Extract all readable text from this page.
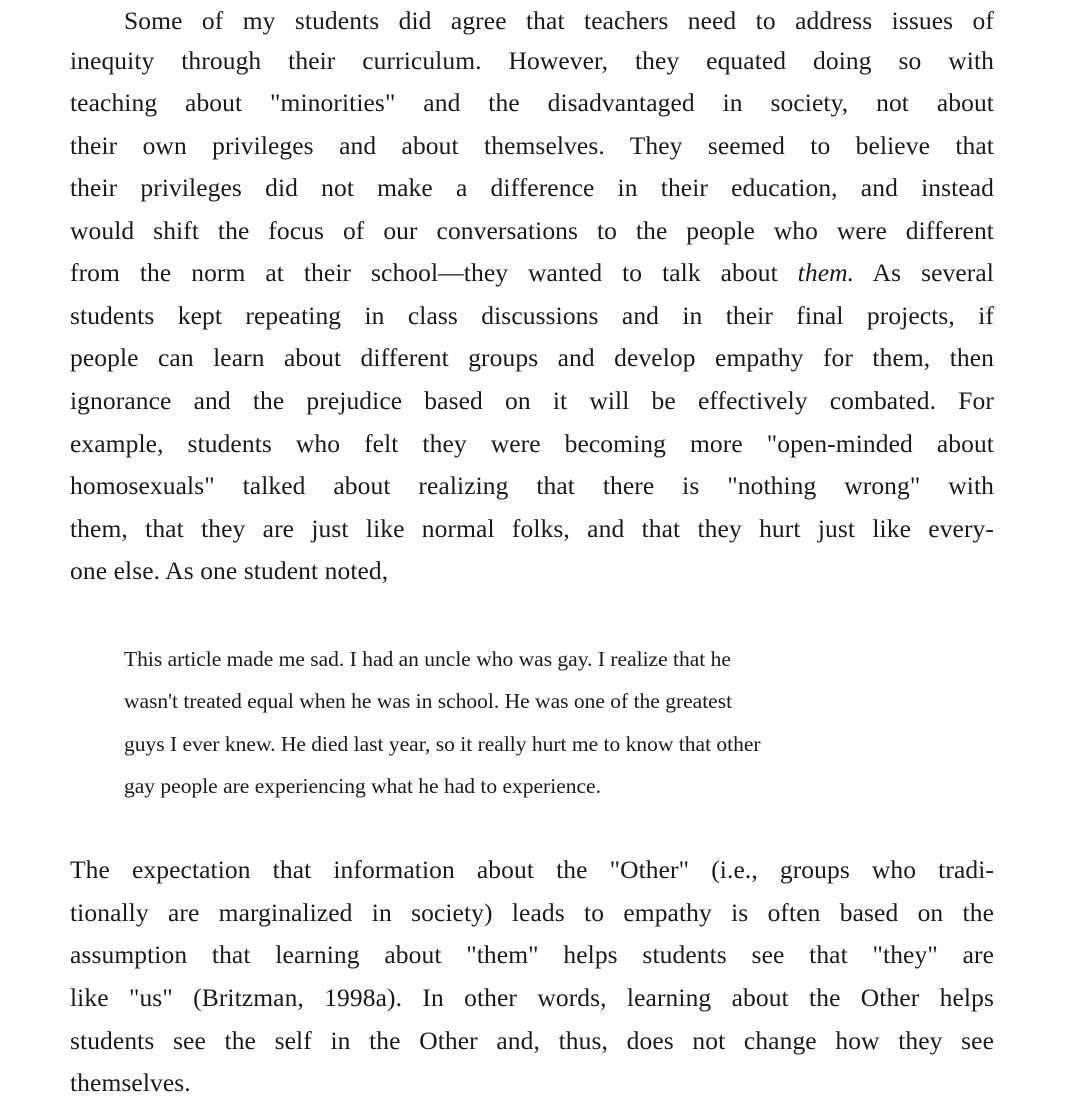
Some of my students did agree that teachers need to address issues of
inequity through their curriculum. However, they equated doing so with
teaching about "minorities" and the disadvantaged in society, not about
their own privileges and about themselves. They seemed to believe that
their privileges did not make a difference in their education, and instead
would shift the focus of our conversations to the people who were different
from the norm at their school—they wanted to talk about them. As several
students kept repeating in class discussions and in their final projects, if
people can learn about different groups and develop empathy for them, then
ignorance and the prejudice based on it will be effectively combated. For
example, students who felt they were becoming more "open-minded about
homosexuals" talked about realizing that there is "nothing wrong" with
them, that they are just like normal folks, and that they hurt just like every-
one else. As one student noted,
This article made me sad. I had an uncle who was gay. I realize that he
wasn't treated equal when he was in school. He was one of the greatest
guys I ever knew. He died last year, so it really hurt me to know that other
gay people are experiencing what he had to experience.
The expectation that information about the "Other" (i.e., groups who tradi-
tionally are marginalized in society) leads to empathy is often based on the
assumption that learning about "them" helps students see that "they" are
like "us" (Britzman, 1998a). In other words, learning about the Other helps
students see the self in the Other and, thus, does not change how they see
themselves.
